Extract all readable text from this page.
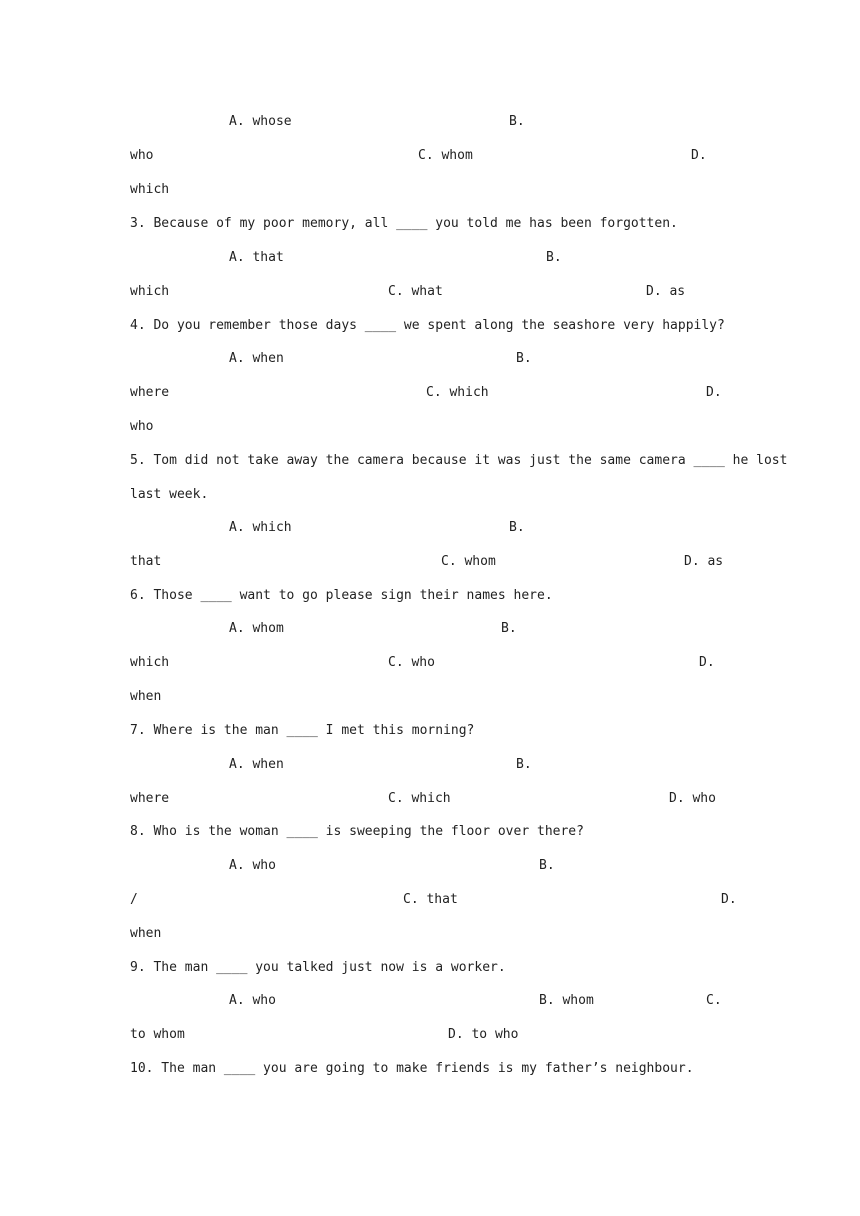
A. whose	B.
who	C. whom	D.
which
3. Because of my poor memory, all ____ you told me has been forgotten.
A. that	B.
which	C. what	D. as
4. Do you remember those days ____ we spent along the seashore very happily?
A. when	B.
where	C. which	D.
who
5. Tom did not take away the camera because it was just the same camera ____ he lost
last week.
A. which	B.
that	C. whom	D. as
6. Those ____ want to go please sign their names here.
A. whom	B.
which	C. who	D.
when
7. Where is the man ____ I met this morning?
A. when	B.
where	C. which	D. who
8. Who is the woman ____ is sweeping the floor over there?
A. who	B.
/	C. that	D.
when
9. The man ____ you talked just now is a worker.
A. who	B. whom	C.
to whom	D. to who
10. The man ____ you are going to make friends is my father’s neighbour.
